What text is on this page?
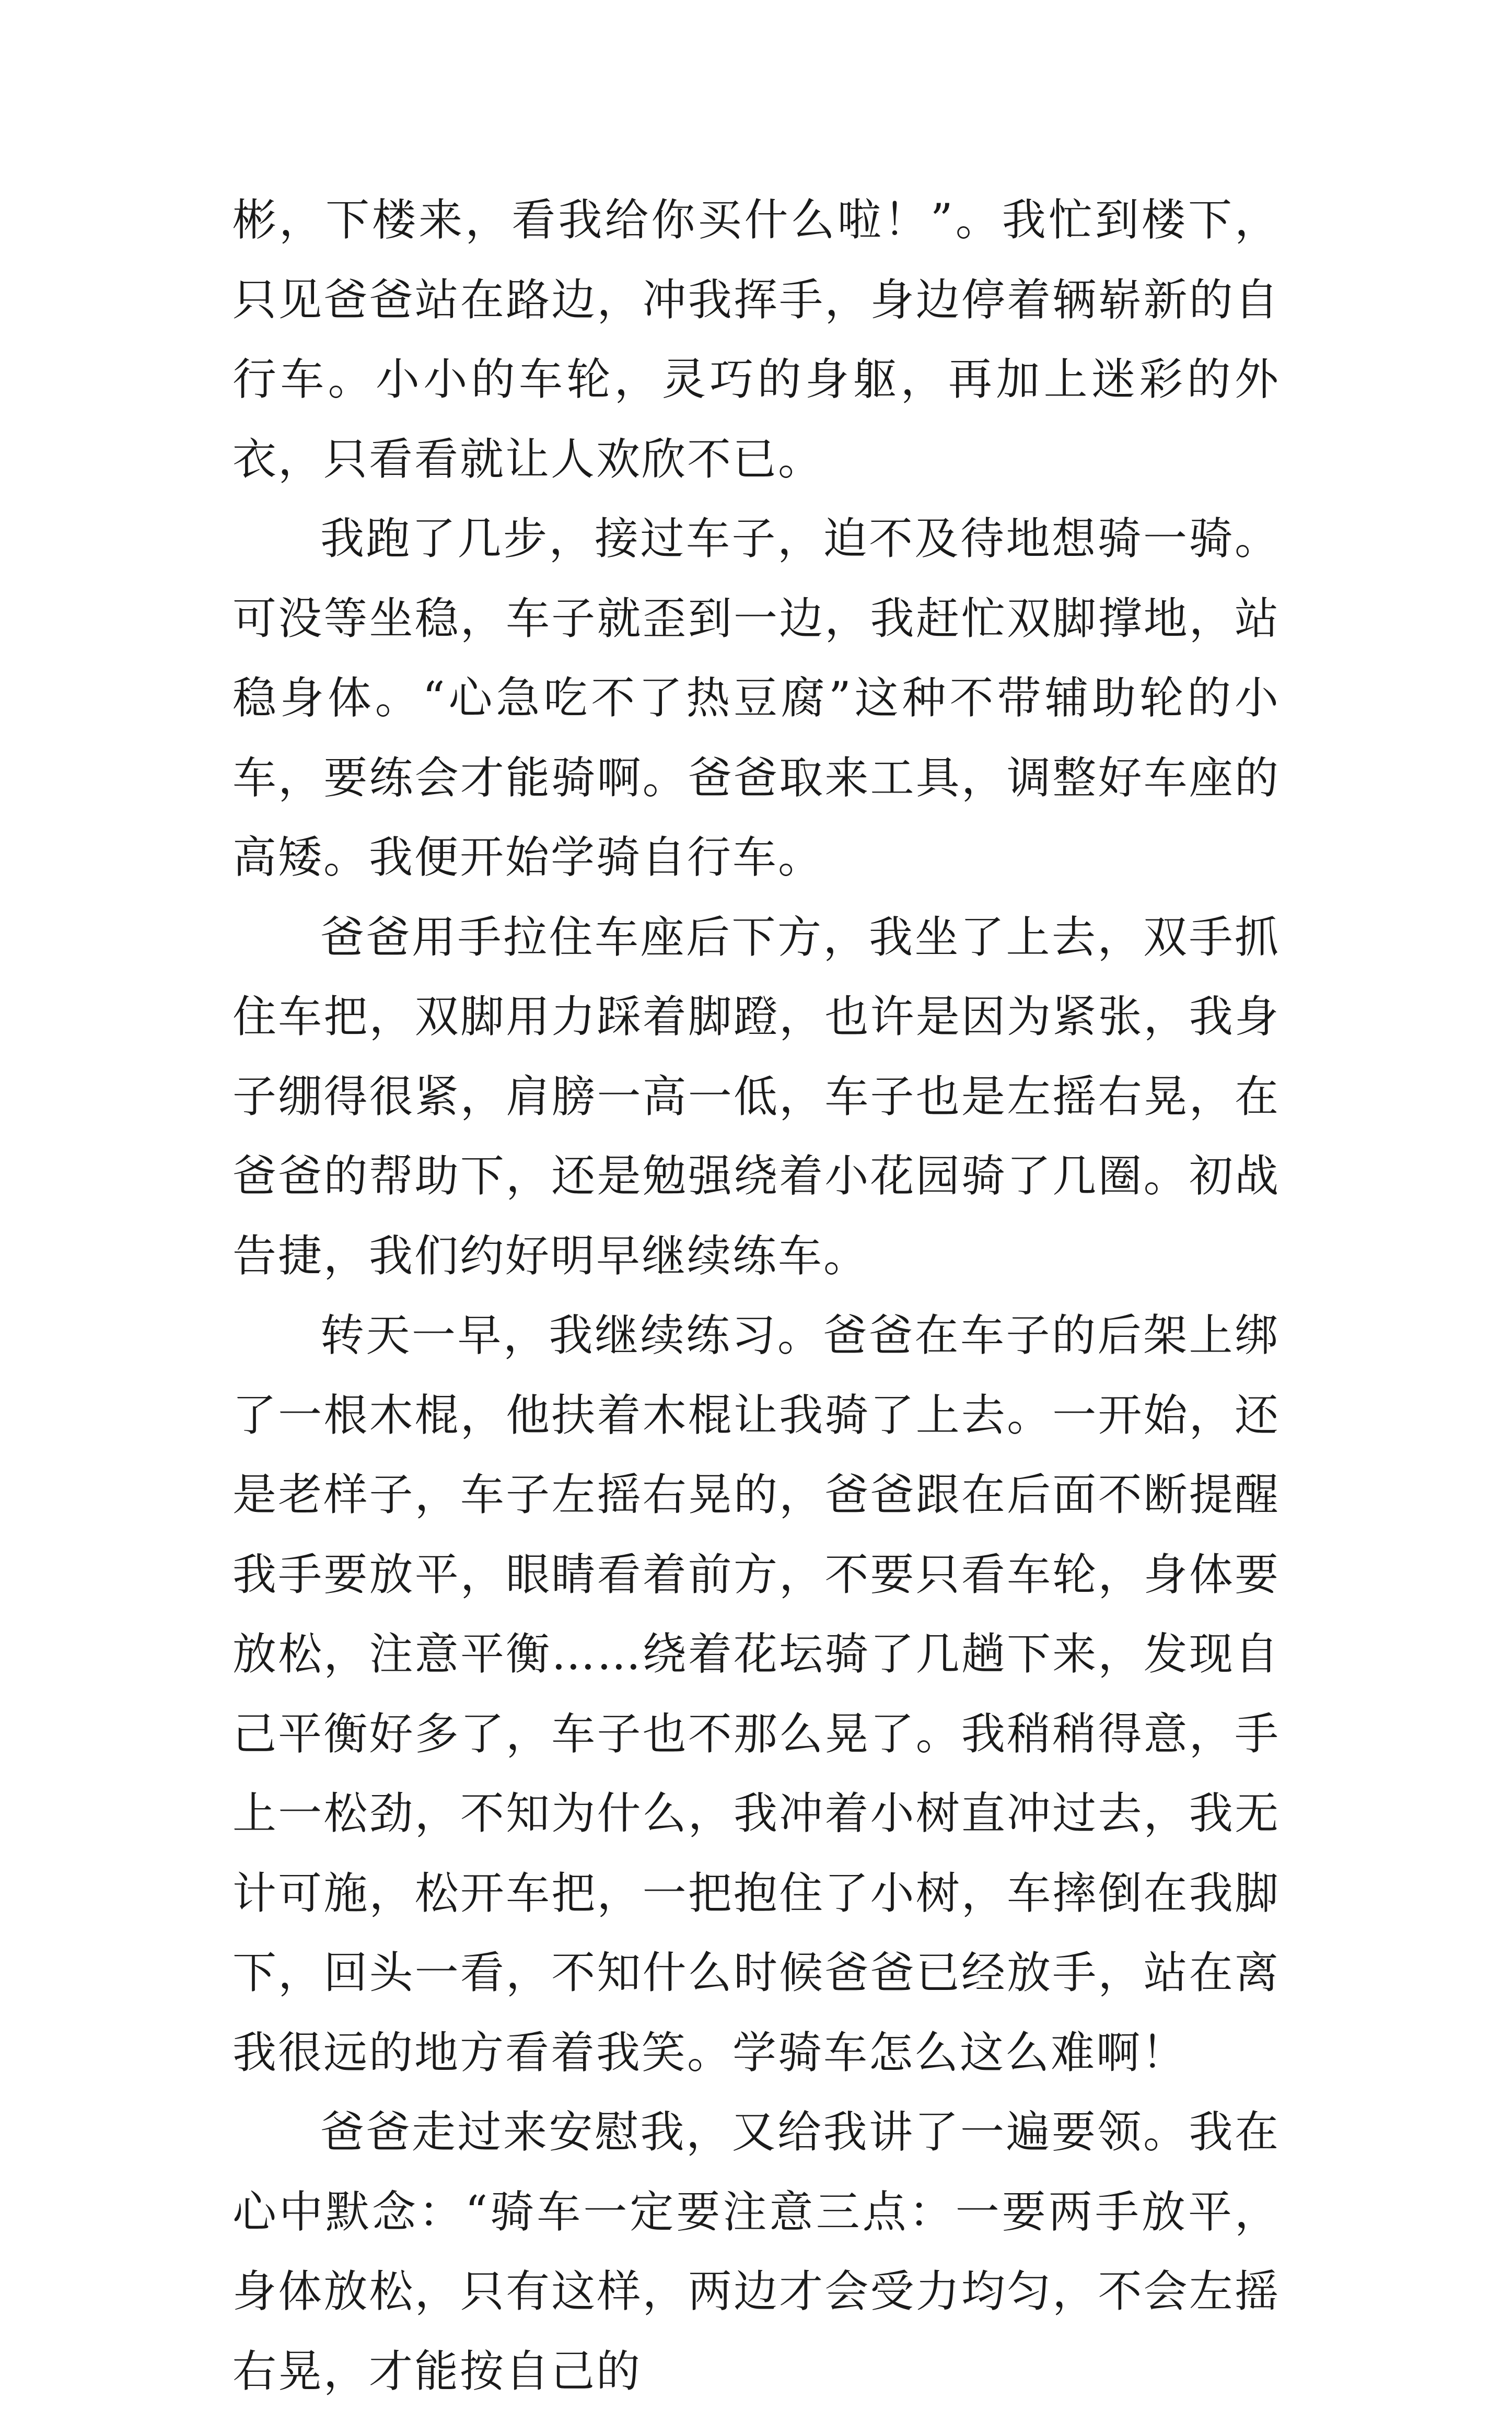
彬，下楼来，看我给你买什么啦！”。我忙到楼下，只见爸爸站在路边，冲我挥手，身边停着辆崭新的自行车。小小的车轮，灵巧的身躯，再加上迷彩的外衣，只看看就让人欢欣不已。

我跑了几步，接过车子，迫不及待地想骑一骑。可没等坐稳，车子就歪到一边，我赶忙双脚撑地，站稳身体。“心急吃不了热豆腐”这种不带辅助轮的小车，要练会才能骑啊。爸爸取来工具，调整好车座的高矮。我便开始学骑自行车。

爸爸用手拉住车座后下方，我坐了上去，双手抓住车把，双脚用力踩着脚蹬，也许是因为紧张，我身子绷得很紧，肩膀一高一低，车子也是左摇右晃，在爸爸的帮助下，还是勉强绕着小花园骑了几圈。初战告捷，我们约好明早继续练车。

转天一早，我继续练习。爸爸在车子的后架上绑了一根木棍，他扶着木棍让我骑了上去。一开始，还是老样子，车子左摇右晃的，爸爸跟在后面不断提醒我手要放平，眼睛看着前方，不要只看车轮，身体要放松，注意平衡……绕着花坛骑了几趟下来，发现自己平衡好多了，车子也不那么晃了。我稍稍得意，手上一松劲，不知为什么，我冲着小树直冲过去，我无计可施，松开车把，一把抱住了小树，车摔倒在我脚下，回头一看，不知什么时候爸爸已经放手，站在离我很远的地方看着我笑。学骑车怎么这么难啊！

爸爸走过来安慰我，又给我讲了一遍要领。我在心中默念：“骑车一定要注意三点：一要两手放平，身体放松，只有这样，两边才会受力均匀，不会左摇右晃，才能按自己的
